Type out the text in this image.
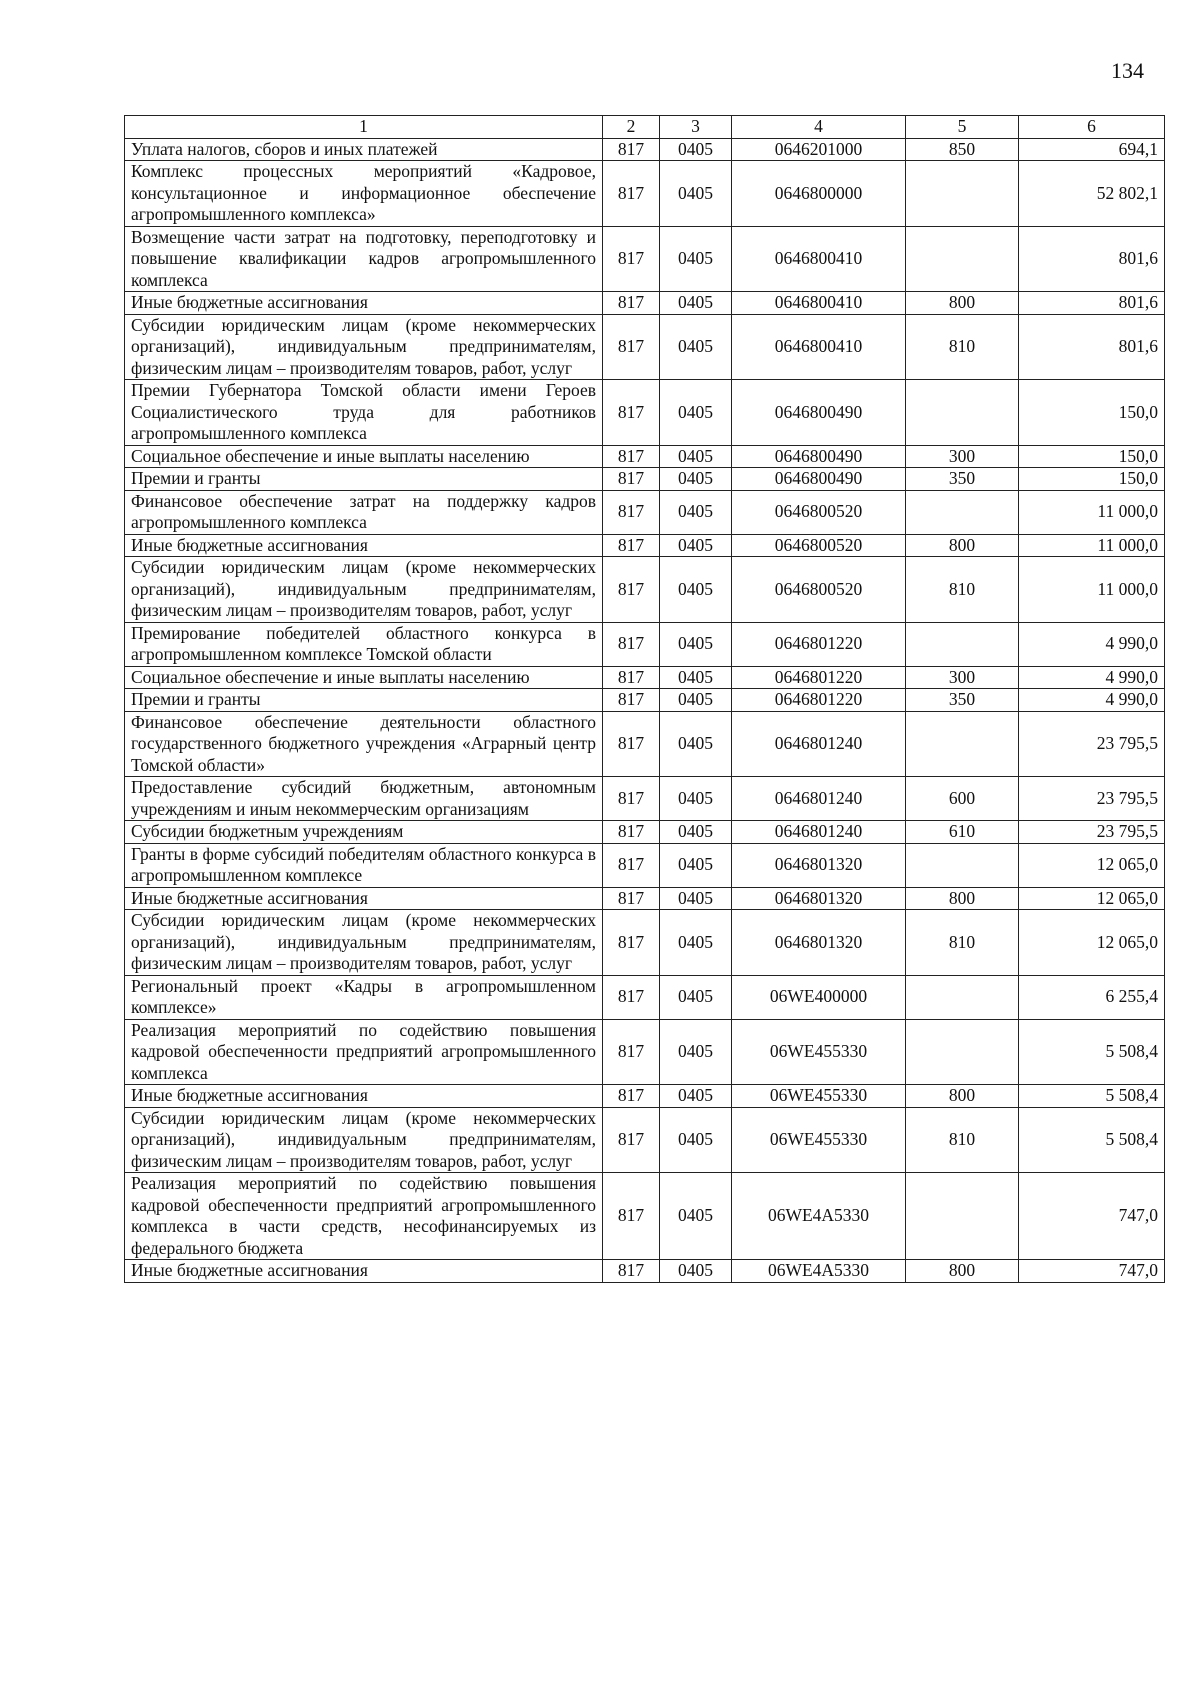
134
1	2	3	4	5	6
Уплата налогов, сборов и иных платежей	817	0405	0646201000	850	694,1
Комплекс процессных мероприятий «Кадровое, консультационное и информационное обеспечение агропромышленного комплекса»	817	0405	0646800000		52 802,1
Возмещение части затрат на подготовку, переподготовку и повышение квалификации кадров агропромышленного комплекса	817	0405	0646800410		801,6
Иные бюджетные ассигнования	817	0405	0646800410	800	801,6
Субсидии юридическим лицам (кроме некоммерческих организаций), индивидуальным предпринимателям, физическим лицам – производителям товаров, работ, услуг	817	0405	0646800410	810	801,6
Премии Губернатора Томской области имени Героев Социалистического труда для работников агропромышленного комплекса	817	0405	0646800490		150,0
Социальное обеспечение и иные выплаты населению	817	0405	0646800490	300	150,0
Премии и гранты	817	0405	0646800490	350	150,0
Финансовое обеспечение затрат на поддержку кадров агропромышленного комплекса	817	0405	0646800520		11 000,0
Иные бюджетные ассигнования	817	0405	0646800520	800	11 000,0
Субсидии юридическим лицам (кроме некоммерческих организаций), индивидуальным предпринимателям, физическим лицам – производителям товаров, работ, услуг	817	0405	0646800520	810	11 000,0
Премирование победителей областного конкурса в агропромышленном комплексе Томской области	817	0405	0646801220		4 990,0
Социальное обеспечение и иные выплаты населению	817	0405	0646801220	300	4 990,0
Премии и гранты	817	0405	0646801220	350	4 990,0
Финансовое обеспечение деятельности областного государственного бюджетного учреждения «Аграрный центр Томской области»	817	0405	0646801240		23 795,5
Предоставление субсидий бюджетным, автономным учреждениям и иным некоммерческим организациям	817	0405	0646801240	600	23 795,5
Субсидии бюджетным учреждениям	817	0405	0646801240	610	23 795,5
Гранты в форме субсидий победителям областного конкурса в агропромышленном комплексе	817	0405	0646801320		12 065,0
Иные бюджетные ассигнования	817	0405	0646801320	800	12 065,0
Субсидии юридическим лицам (кроме некоммерческих организаций), индивидуальным предпринимателям, физическим лицам – производителям товаров, работ, услуг	817	0405	0646801320	810	12 065,0
Региональный проект «Кадры в агропромышленном комплексе»	817	0405	06WE400000		6 255,4
Реализация мероприятий по содействию повышения кадровой обеспеченности предприятий агропромышленного комплекса	817	0405	06WE455330		5 508,4
Иные бюджетные ассигнования	817	0405	06WE455330	800	5 508,4
Субсидии юридическим лицам (кроме некоммерческих организаций), индивидуальным предпринимателям, физическим лицам – производителям товаров, работ, услуг	817	0405	06WE455330	810	5 508,4
Реализация мероприятий по содействию повышения кадровой обеспеченности предприятий агропромышленного комплекса в части средств, несофинансируемых из федерального бюджета	817	0405	06WE4A5330		747,0
Иные бюджетные ассигнования	817	0405	06WE4A5330	800	747,0
